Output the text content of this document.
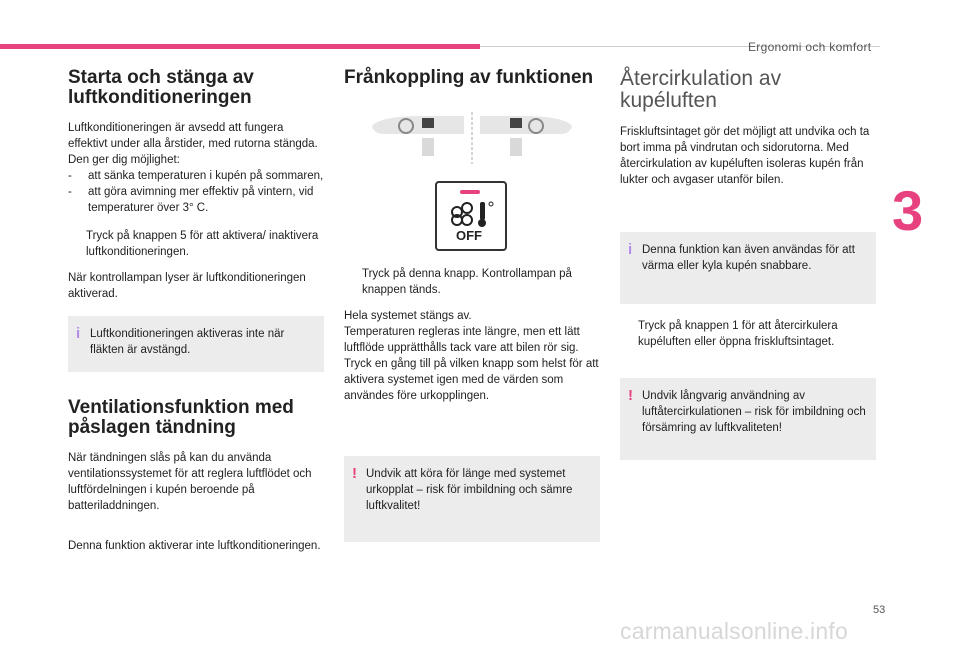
Ergonomi och komfort
3
Starta och stänga av luftkonditioneringen

Luftkonditioneringen är avsedd att fungera effektivt under alla årstider, med rutorna stängda.

Den ger dig möjlighet:

-	att sänka temperaturen i kupén på sommaren,
-	att göra avimning mer effektiv på vintern, vid temperaturer över 3° C.
Tryck på knappen 5 för att aktivera/ inaktivera luftkonditioneringen.

När kontrollampan lyser är luftkonditioneringen aktiverad.

i Luftkonditioneringen aktiveras inte när fläkten är avstängd.
Ventilationsfunktion med påslagen tändning

När tändningen slås på kan du använda ventilationssystemet för att reglera luftflödet och luftfördelningen i kupén beroende på batteriladdningen.

Denna funktion aktiverar inte luftkonditioneringen.

Frånkoppling av funktionen
OFF
Tryck på denna knapp. Kontrollampan på knappen tänds.

Hela systemet stängs av.

Temperaturen regleras inte längre, men ett lätt luftflöde upprätthålls tack vare att bilen rör sig. Tryck en gång till på vilken knapp som helst för att aktivera systemet igen med de värden som användes före urkopplingen.

! Undvik att köra för länge med systemet urkopplat – risk för imbildning och sämre luftkvalitet!
Återcirkulation av kupéluften

Friskluftsintaget gör det möjligt att undvika och ta bort imma på vindrutan och sidorutorna. Med återcirkulation av kupéluften isoleras kupén från lukter och avgaser utanför bilen.

i Denna funktion kan även användas för att värma eller kyla kupén snabbare.
Tryck på knappen 1 för att återcirkulera kupéluften eller öppna friskluftsintaget.
! Undvik långvarig användning av luftåtercirkulationen – risk för imbildning och försämring av luftkvaliteten!
53
carmanualsonline.info
